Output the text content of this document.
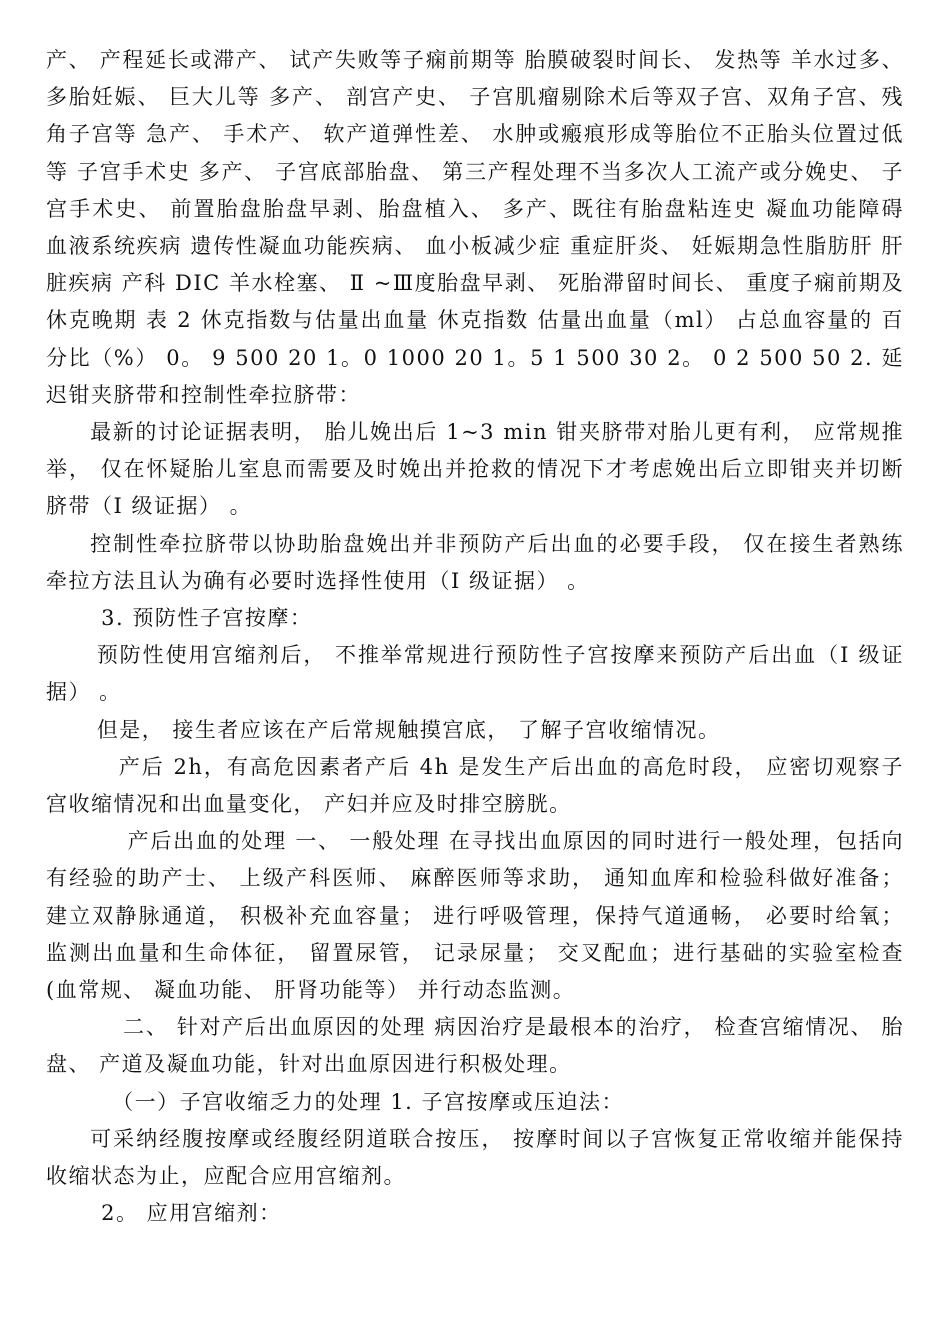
产、 产程延长或滞产、 试产失败等子痫前期等 胎膜破裂时间长、 发热等 羊水过多、 多胎妊娠、 巨大儿等 多产、 剖宫产史、 子宫肌瘤剔除术后等双子宫、双角子宫、残角子宫等 急产、 手术产、 软产道弹性差、 水肿或瘢痕形成等胎位不正胎头位置过低等 子宫手术史 多产、 子宫底部胎盘、 第三产程处理不当多次人工流产或分娩史、 子宫手术史、 前置胎盘胎盘早剥、胎盘植入、 多产、既往有胎盘粘连史 凝血功能障碍 血液系统疾病 遗传性凝血功能疾病、 血小板减少症 重症肝炎、 妊娠期急性脂肪肝 肝脏疾病 产科 DIC 羊水栓塞、 Ⅱ ~Ⅲ度胎盘早剥、 死胎滞留时间长、 重度子痫前期及休克晚期 表 2 休克指数与估量出血量 休克指数 估量出血量（ml） 占总血容量的 百分比（%） 0。 9 500 20 1。0 1000 20 1。5 1 500 30 2。 0 2 500 50 2. 延迟钳夹脐带和控制性牵拉脐带：

最新的讨论证据表明， 胎儿娩出后 1~3 min 钳夹脐带对胎儿更有利， 应常规推举， 仅在怀疑胎儿室息而需要及时娩出并抢救的情况下才考虑娩出后立即钳夹并切断脐带（I 级证据） 。

控制性牵拉脐带以协助胎盘娩出并非预防产后出血的必要手段， 仅在接生者熟练牵拉方法且认为确有必要时选择性使用（I 级证据） 。

3. 预防性子宫按摩：

预防性使用宫缩剂后， 不推举常规进行预防性子宫按摩来预防产后出血（I 级证据） 。

但是， 接生者应该在产后常规触摸宫底， 了解子宫收缩情况。

产后 2h，有高危因素者产后 4h 是发生产后出血的高危时段， 应密切观察子宫收缩情况和出血量变化， 产妇并应及时排空膀胱。

产后出血的处理 一、 一般处理 在寻找出血原因的同时进行一般处理，包括向有经验的助产士、 上级产科医师、 麻醉医师等求助， 通知血库和检验科做好准备； 建立双静脉通道， 积极补充血容量； 进行呼吸管理，保持气道通畅， 必要时给氧； 监测出血量和生命体征， 留置尿管， 记录尿量； 交叉配血；进行基础的实验室检查(血常规、 凝血功能、 肝肾功能等） 并行动态监测。

二、 针对产后出血原因的处理 病因治疗是最根本的治疗， 检查宫缩情况、 胎盘、 产道及凝血功能，针对出血原因进行积极处理。

（一）子宫收缩乏力的处理 1. 子宫按摩或压迫法：

可采纳经腹按摩或经腹经阴道联合按压， 按摩时间以子宫恢复正常收缩并能保持收缩状态为止，应配合应用宫缩剂。

2。 应用宫缩剂：
